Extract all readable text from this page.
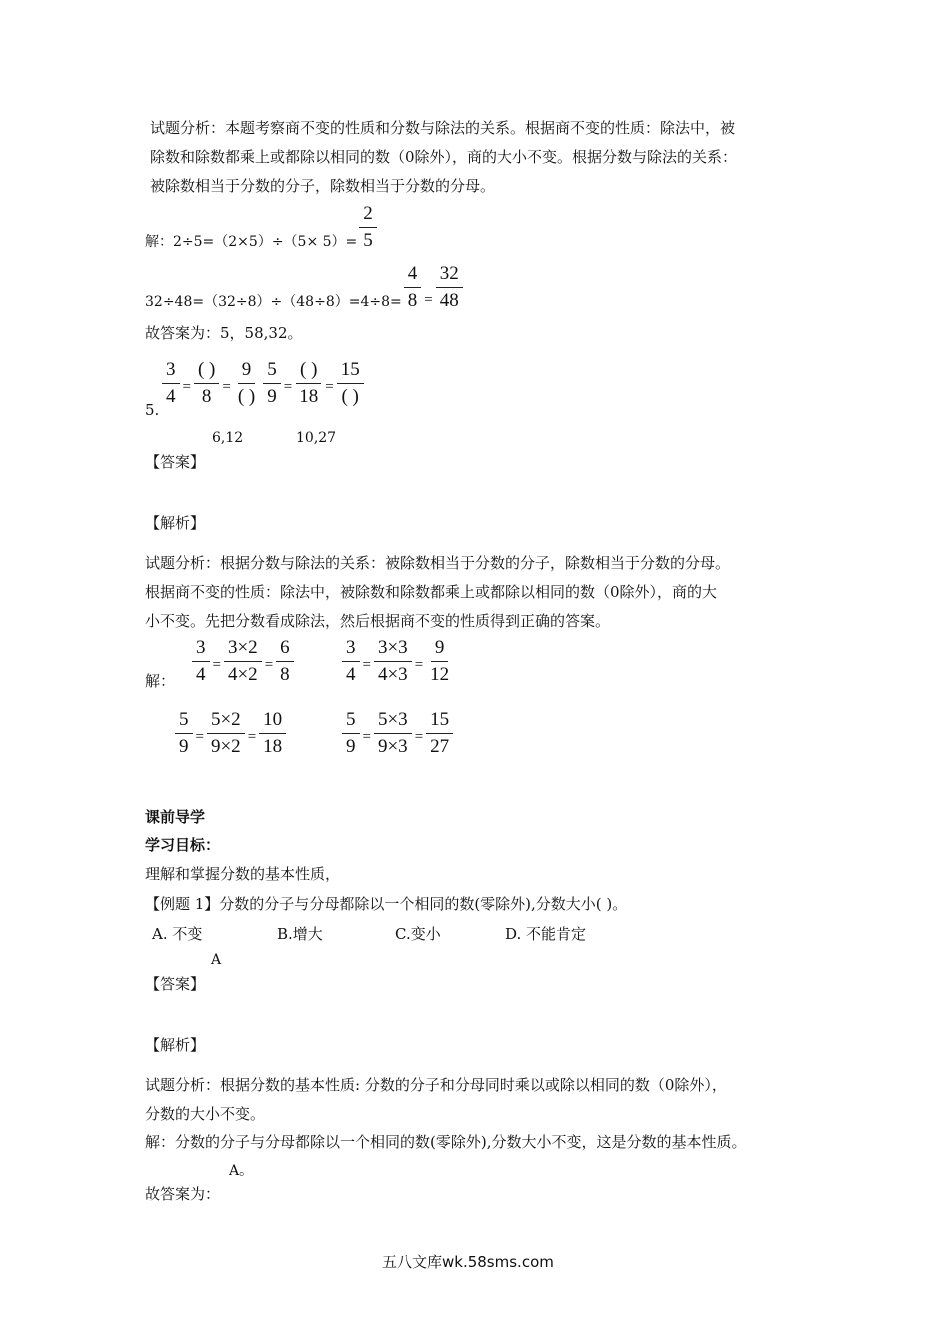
试题分析：本题考察商不变的性质和分数与除法的关系。根据商不变的性质：除法中，被
除数和除数都乘上或都除以相同的数（0除外），商的大小不变。根据分数与除法的关系：
被除数相当于分数的分子，除数相当于分数的分母。
解：$2\div 5=(2\times 5)\div(5\times 5)= \frac{2}{5}$
$32\div 48=(32\div 8)\div(48\div 8)=4\div 8= \frac{4}{8} = \frac{32}{48}$
故答案为：5，58,32。
5.
$\frac{3}{4} = \frac{( )}{8} = \frac{9}{( )} \frac{5}{9} = \frac{( )}{18} = \frac{15}{( )}$
6,12	10,27
【答案】
【解析】
试题分析：根据分数与除法的关系：被除数相当于分数的分子，除数相当于分数的分母。
根据商不变的性质：除法中，被除数和除数都乘上或都除以相同的数（0除外），商的大
小不变。先把分数看成除法，然后根据商不变的性质得到正确的答案。
解： $\frac{3}{4} = \frac{3\times 2}{4\times 2} = \frac{6}{8}$	$\frac{3}{4} = \frac{3\times 3}{4\times 3} = \frac{9}{12}$
$\frac{5}{9} = \frac{5\times 2}{9\times 2} = \frac{10}{18}$	$\frac{5}{9} = \frac{5\times 3}{9\times 3} = \frac{15}{27}$
课前导学
学习目标：
理解和掌握分数的基本性质，
【例题 1】分数的分子与分母都除以一个相同的数(零除外),分数大小( )。
A. 不变	B.增大	C.变小	D. 不能肯定
A
【答案】
【解析】
试题分析：根据分数的基本性质: 分数的分子和分母同时乘以或除以相同的数（0除外），
分数的大小不变。
解：分数的分子与分母都除以一个相同的数(零除外),分数大小不变，这是分数的基本性质。
A。
故答案为：
五八文库wk.58sms.com
